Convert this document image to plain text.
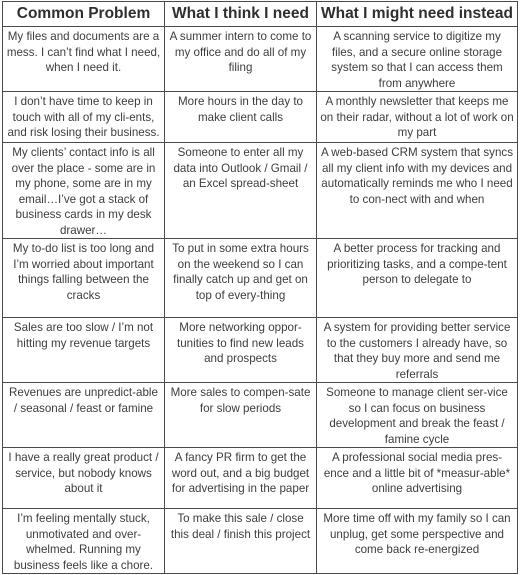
Common Problem	What I think I need	What I might need instead
My files and documents are a mess. I can’t find what I need, when I need it.	A summer intern to come to my office and do all of my filing	A scanning service to digitize my files, and a secure online storage system so that I can access them from anywhere
I don’t have time to keep in touch with all of my cli-ents, and risk losing their business.	More hours in the day to make client calls	A monthly newsletter that keeps me on their radar, without a lot of work on my part
My clients’ contact info is all over the place - some are in my phone, some are in my email…I’ve got a stack of business cards in my desk drawer…	Someone to enter all my data into Outlook / Gmail / an Excel spread-sheet	A web-based CRM system that syncs all my client info with my devices and automatically reminds me who I need to con-nect with and when
My to-do list is too long and I’m worried about important things falling between the cracks	To put in some extra hours on the weekend so I can finally catch up and get on top of every-thing	A better process for tracking and prioritizing tasks, and a compe-tent person to delegate to
Sales are too slow / I’m not hitting my revenue targets	More networking oppor-tunities to find new leads and prospects	A system for providing better service to the customers I already have, so that they buy more and send me referrals
Revenues are unpredict-able / seasonal / feast or famine	More sales to compen-sate for slow periods	Someone to manage client ser-vice so I can focus on business development and break the feast / famine cycle
I have a really great product / service, but nobody knows about it	A fancy PR firm to get the word out, and a big budget for advertising in the paper	A professional social media pres-ence and a little bit of *measur-able* online advertising
I’m feeling mentally stuck, unmotivated and over-whelmed. Running my business feels like a chore.	To make this sale / close this deal / finish this project	More time off with my family so I can unplug, get some perspective and come back re-energized
